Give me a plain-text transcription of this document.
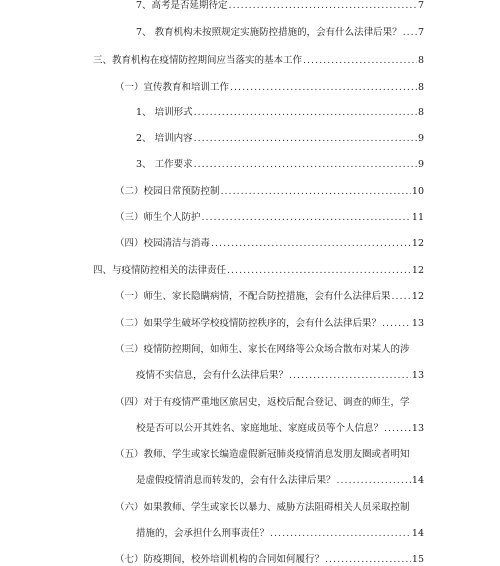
7、高考是否延期待定 .....	7
7、 教育机构未按照规定实施防控措施的，会有什么法律后果？ ..... 7
三、教育机构在疫情防控期间应当落实的基本工作 .....	8
（一）宣传教育和培训工作 .....	8
1、 培训形式 .....	8
2、 培训内容 .....	9
3、 工作要求 .....	9
（二）校园日常预防控制 .....	10
（三）师生个人防护 .....	11
（四）校园清洁与消毒 .....	12
四、与疫情防控相关的法律责任 .....	12
（一）师生、家长隐瞒病情，不配合防控措施，会有什么法律后果 ..... 12
（二）如果学生破坏学校疫情防控秩序的，会有什么法律后果？ .....	13
（三）疫情防控期间，如师生、家长在网络等公众场合散布对某人的涉
疫情不实信息，会有什么法律后果？ .....	13
（四）对于有疫情严重地区旅居史，返校后配合登记、调查的师生，学
校是否可以公开其姓名、家庭地址、家庭成员等个人信息？ .....	13
（五）教师、学生或家长编造虚假新冠肺炎疫情消息发朋友圈或者明知
是虚假疫情消息而转发的，会有什么法律后果？ .....	14
（六）如果教师、学生或家长以暴力、威胁方法阻碍相关人员采取控制
措施的，会承担什么刑事责任？ .....	14
（七）防疫期间，校外培训机构的合同如何履行？ .....	15
